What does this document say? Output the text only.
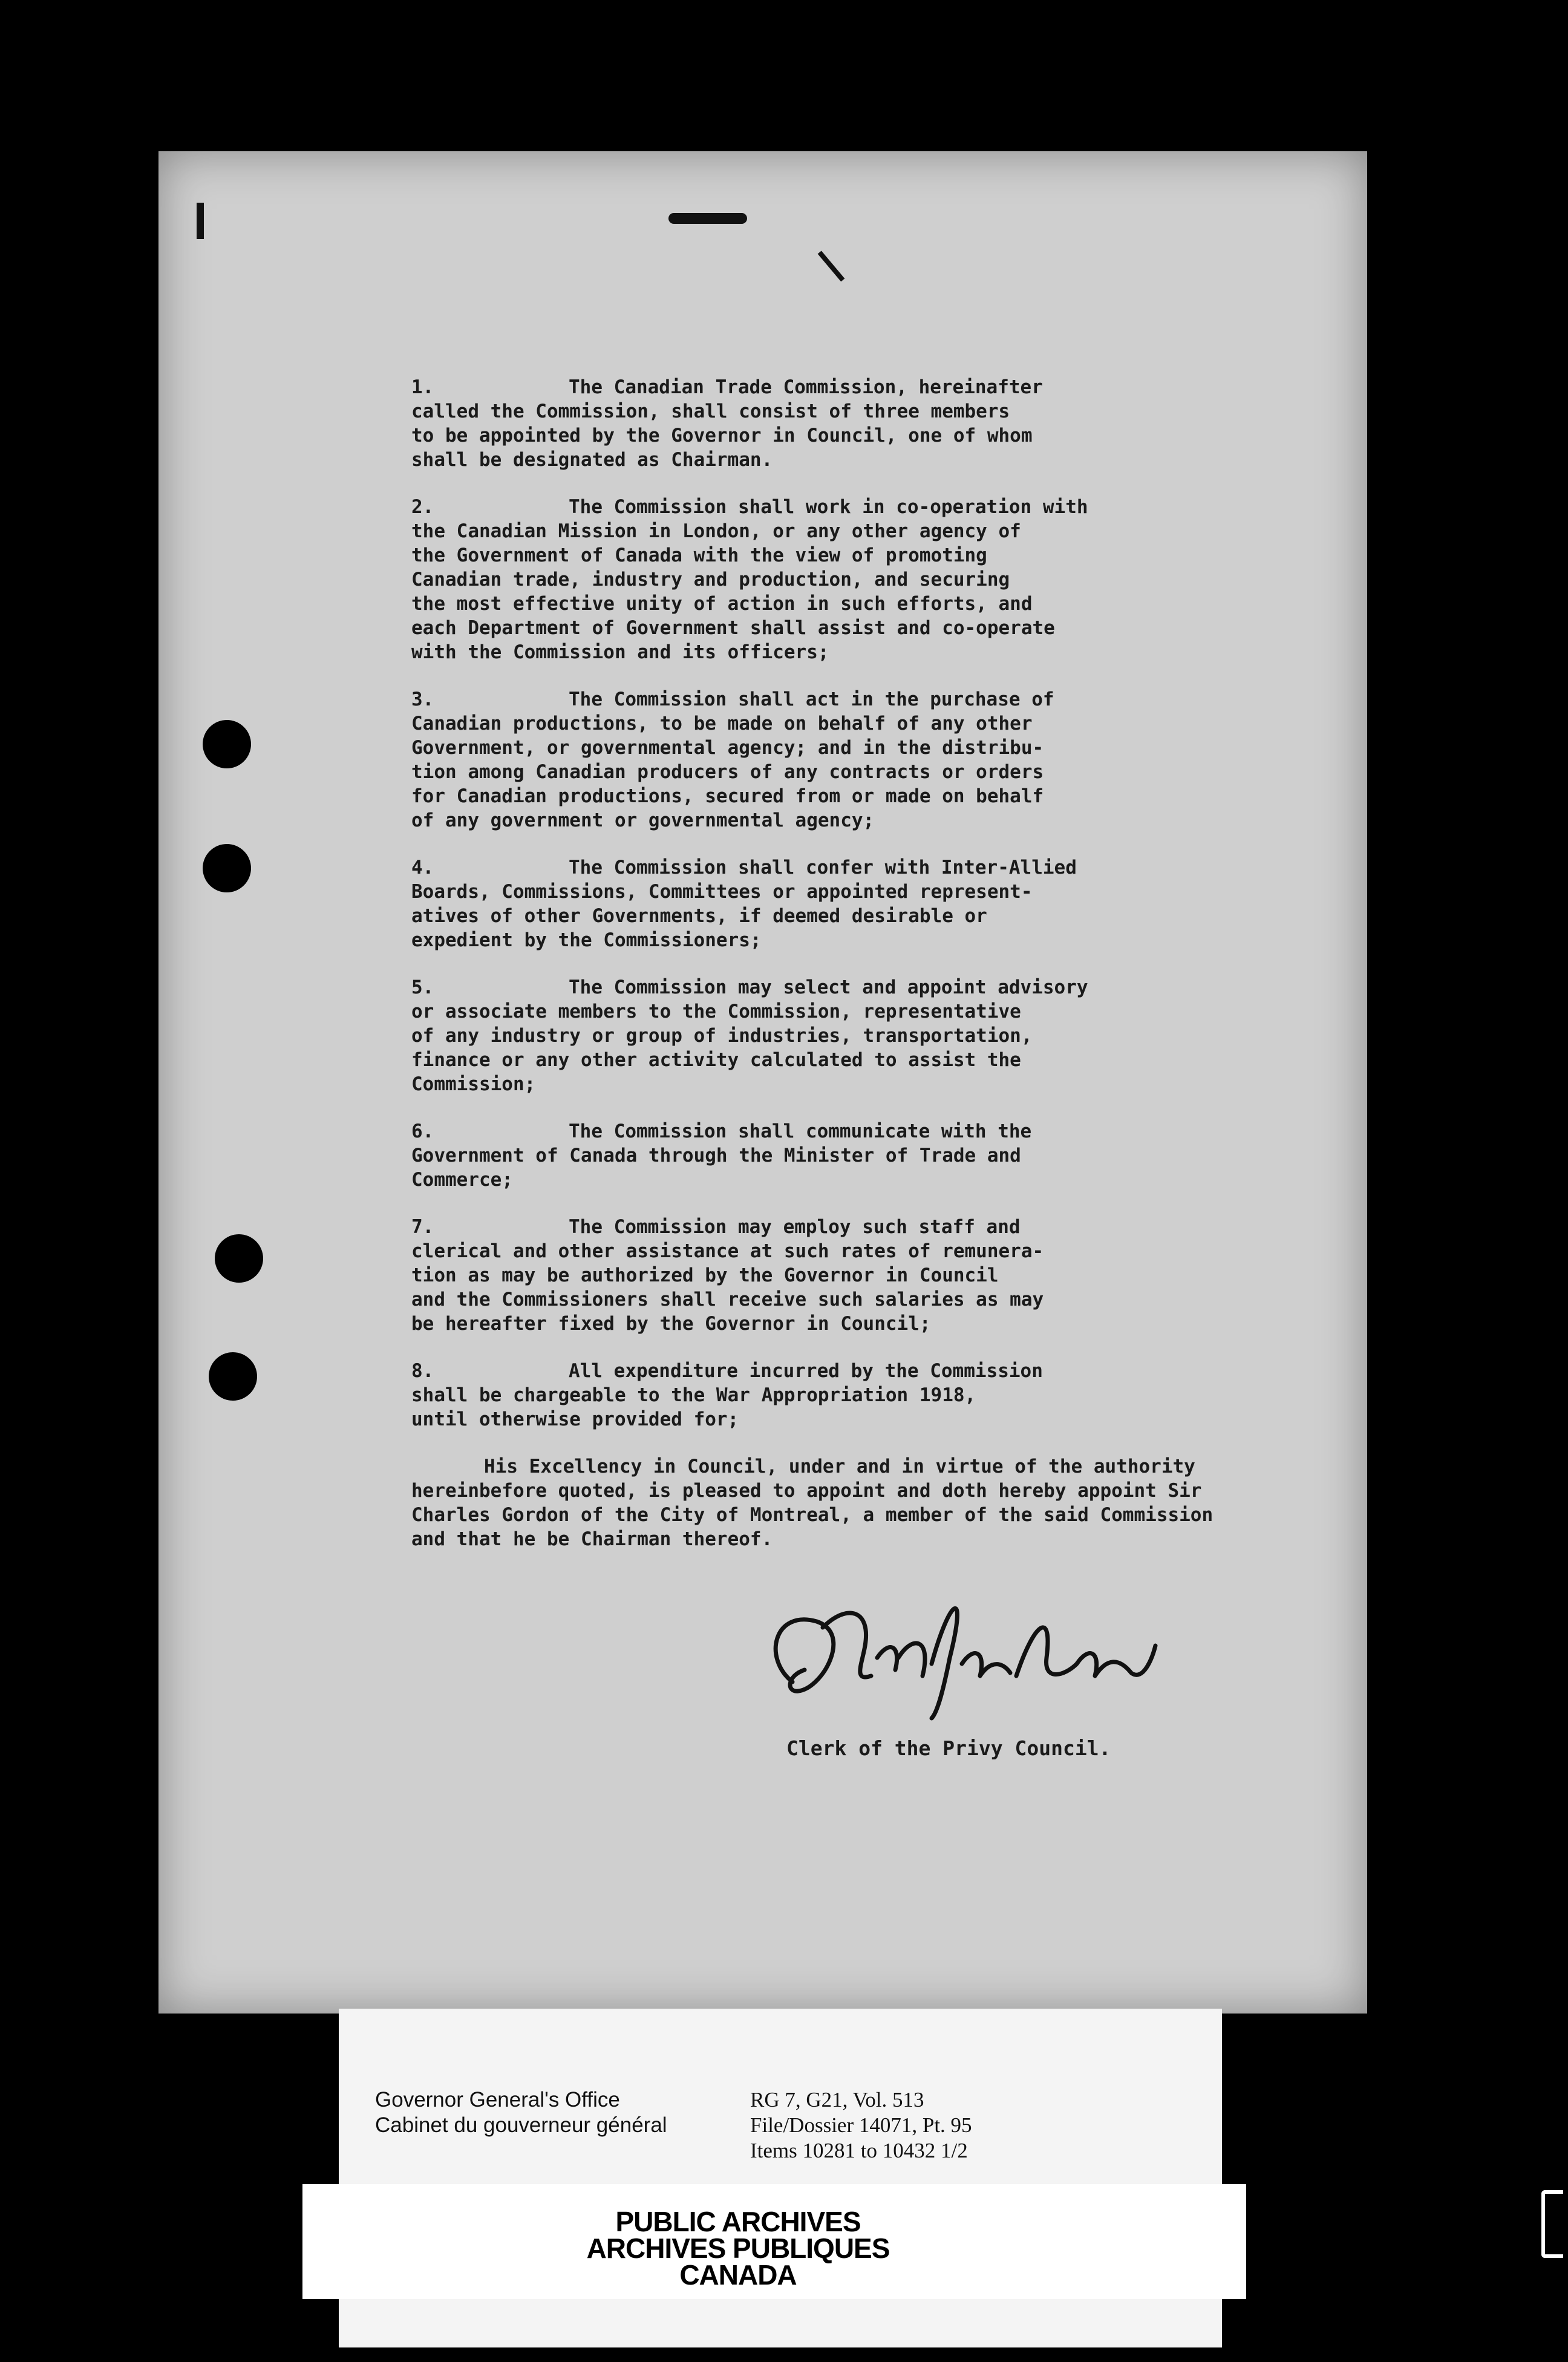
1.	The Canadian Trade Commission, hereinafter
called the Commission, shall consist of three members
to be appointed by the Governor in Council, one of whom
shall be designated as Chairman.
2.	The Commission shall work in co-operation with
the Canadian Mission in London, or any other agency of
the Government of Canada with the view of promoting
Canadian trade, industry and production, and securing
the most effective unity of action in such efforts, and
each Department of Government shall assist and co-operate
with the Commission and its officers;
3.	The Commission shall act in the purchase of
Canadian productions, to be made on behalf of any other
Government, or governmental agency; and in the distribu-
tion among Canadian producers of any contracts or orders
for Canadian productions, secured from or made on behalf
of any government or governmental agency;
4.	The Commission shall confer with Inter-Allied
Boards, Commissions, Committees or appointed represent-
atives of other Governments, if deemed desirable or
expedient by the Commissioners;
5.	The Commission may select and appoint advisory
or associate members to the Commission, representative
of any industry or group of industries, transportation,
finance or any other activity calculated to assist the
Commission;
6.	The Commission shall communicate with the
Government of Canada through the Minister of Trade and
Commerce;
7.	The Commission may employ such staff and
clerical and other assistance at such rates of remunera-
tion as may be authorized by the Governor in Council
and the Commissioners shall receive such salaries as may
be hereafter fixed by the Governor in Council;
8.	All expenditure incurred by the Commission
shall be chargeable to the War Appropriation 1918,
until otherwise provided for;
His Excellency in Council, under and in virtue of the authority hereinbefore quoted, is pleased to appoint and doth hereby appoint Sir Charles Gordon of the City of Montreal, a member of the said Commission and that he be Chairman thereof.
Clerk of the Privy Council.
Governor General's Office
Cabinet du gouverneur général
RG 7, G21, Vol. 513
File/Dossier 14071, Pt. 95
Items 10281 to 10432 1/2
PUBLIC ARCHIVES
ARCHIVES PUBLIQUES
CANADA
